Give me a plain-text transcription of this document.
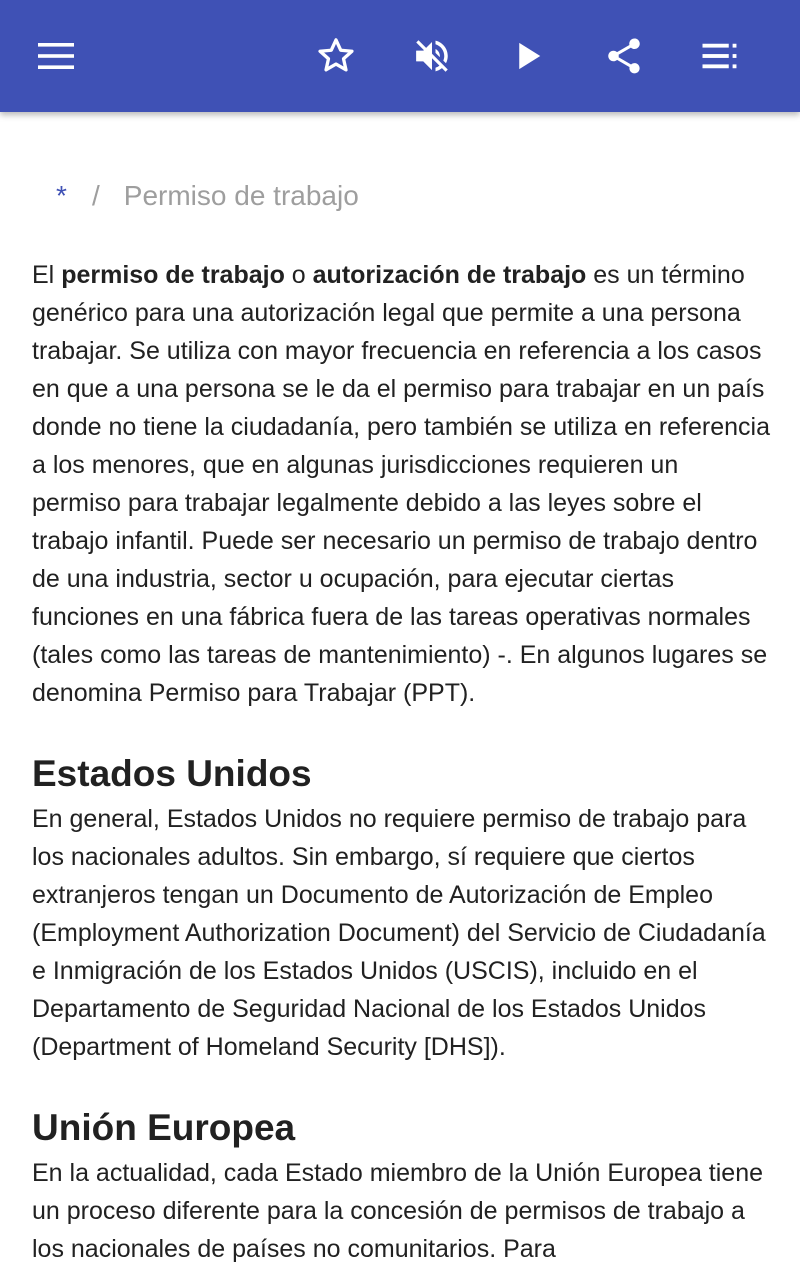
* / Permiso de trabajo

El permiso de trabajo o autorización de trabajo es un término genérico para una autorización legal que permite a una persona trabajar. Se utiliza con mayor frecuencia en referencia a los casos en que a una persona se le da el permiso para trabajar en un país donde no tiene la ciudadanía, pero también se utiliza en referencia a los menores, que en algunas jurisdicciones requieren un permiso para trabajar legalmente debido a las leyes sobre el trabajo infantil. Puede ser necesario un permiso de trabajo dentro de una industria, sector u ocupación, para ejecutar ciertas funciones en una fábrica fuera de las tareas operativas normales (tales como las tareas de mantenimiento) -. En algunos lugares se denomina Permiso para Trabajar (PPT).

Estados Unidos

En general, Estados Unidos no requiere permiso de trabajo para los nacionales adultos. Sin embargo, sí requiere que ciertos extranjeros tengan un Documento de Autorización de Empleo (Employment Authorization Document) del Servicio de Ciudadanía e Inmigración de los Estados Unidos (USCIS), incluido en el Departamento de Seguridad Nacional de los Estados Unidos (Department of Homeland Security [DHS]).

Unión Europea

En la actualidad, cada Estado miembro de la Unión Europea tiene un proceso diferente para la concesión de permisos de trabajo a los nacionales de países no comunitarios. Para
